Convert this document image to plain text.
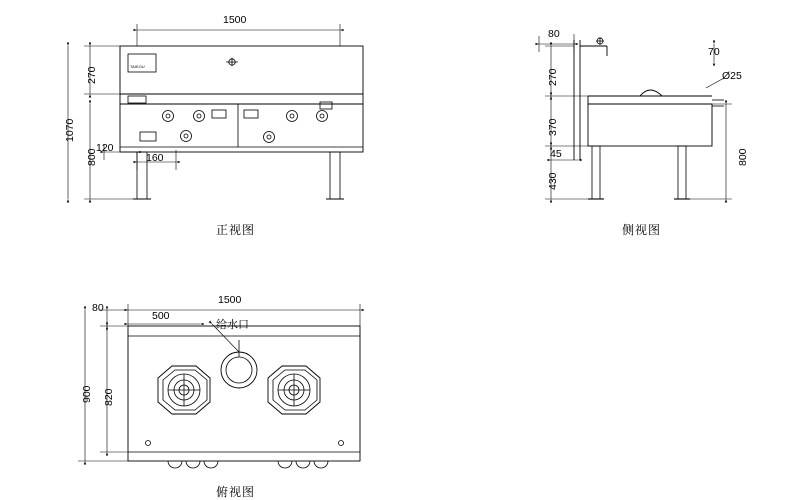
1500
270
800
1070
120
160
TAIKOU
正视图
80
70
Ø25
270
370
430
45	800
侧视图
1500
500
80
820
900
给水口
俯视图
